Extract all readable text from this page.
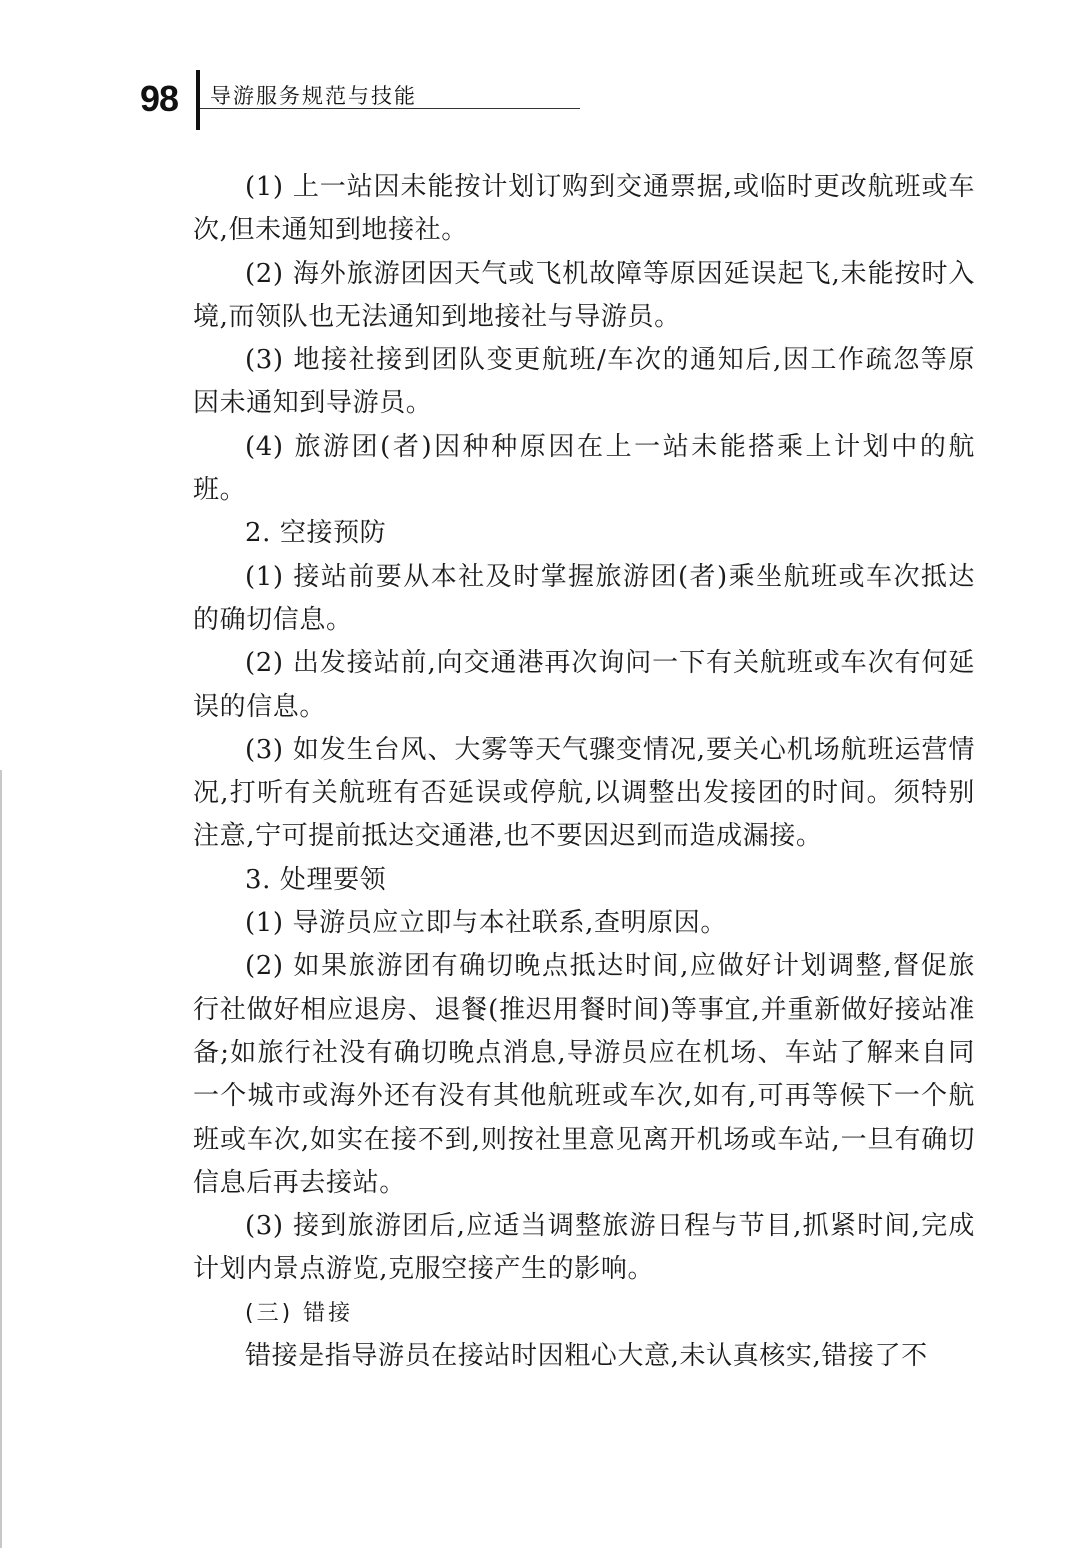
98 导游服务规范与技能

(1) 上一站因未能按计划订购到交通票据,或临时更改航班或车次,但未通知到地接社。

(2) 海外旅游团因天气或飞机故障等原因延误起飞,未能按时入境,而领队也无法通知到地接社与导游员。

(3) 地接社接到团队变更航班/车次的通知后,因工作疏忽等原因未通知到导游员。

(4) 旅游团(者)因种种原因在上一站未能搭乘上计划中的航班。

2. 空接预防

(1) 接站前要从本社及时掌握旅游团(者)乘坐航班或车次抵达的确切信息。

(2) 出发接站前,向交通港再次询问一下有关航班或车次有何延误的信息。

(3) 如发生台风、大雾等天气骤变情况,要关心机场航班运营情况,打听有关航班有否延误或停航,以调整出发接团的时间。须特别注意,宁可提前抵达交通港,也不要因迟到而造成漏接。

3. 处理要领

(1) 导游员应立即与本社联系,查明原因。

(2) 如果旅游团有确切晚点抵达时间,应做好计划调整,督促旅行社做好相应退房、退餐(推迟用餐时间)等事宜,并重新做好接站准备;如旅行社没有确切晚点消息,导游员应在机场、车站了解来自同一个城市或海外还有没有其他航班或车次,如有,可再等候下一个航班或车次,如实在接不到,则按社里意见离开机场或车站,一旦有确切信息后再去接站。

(3) 接到旅游团后,应适当调整旅游日程与节目,抓紧时间,完成计划内景点游览,克服空接产生的影响。

(三) 错接

错接是指导游员在接站时因粗心大意,未认真核实,错接了不
